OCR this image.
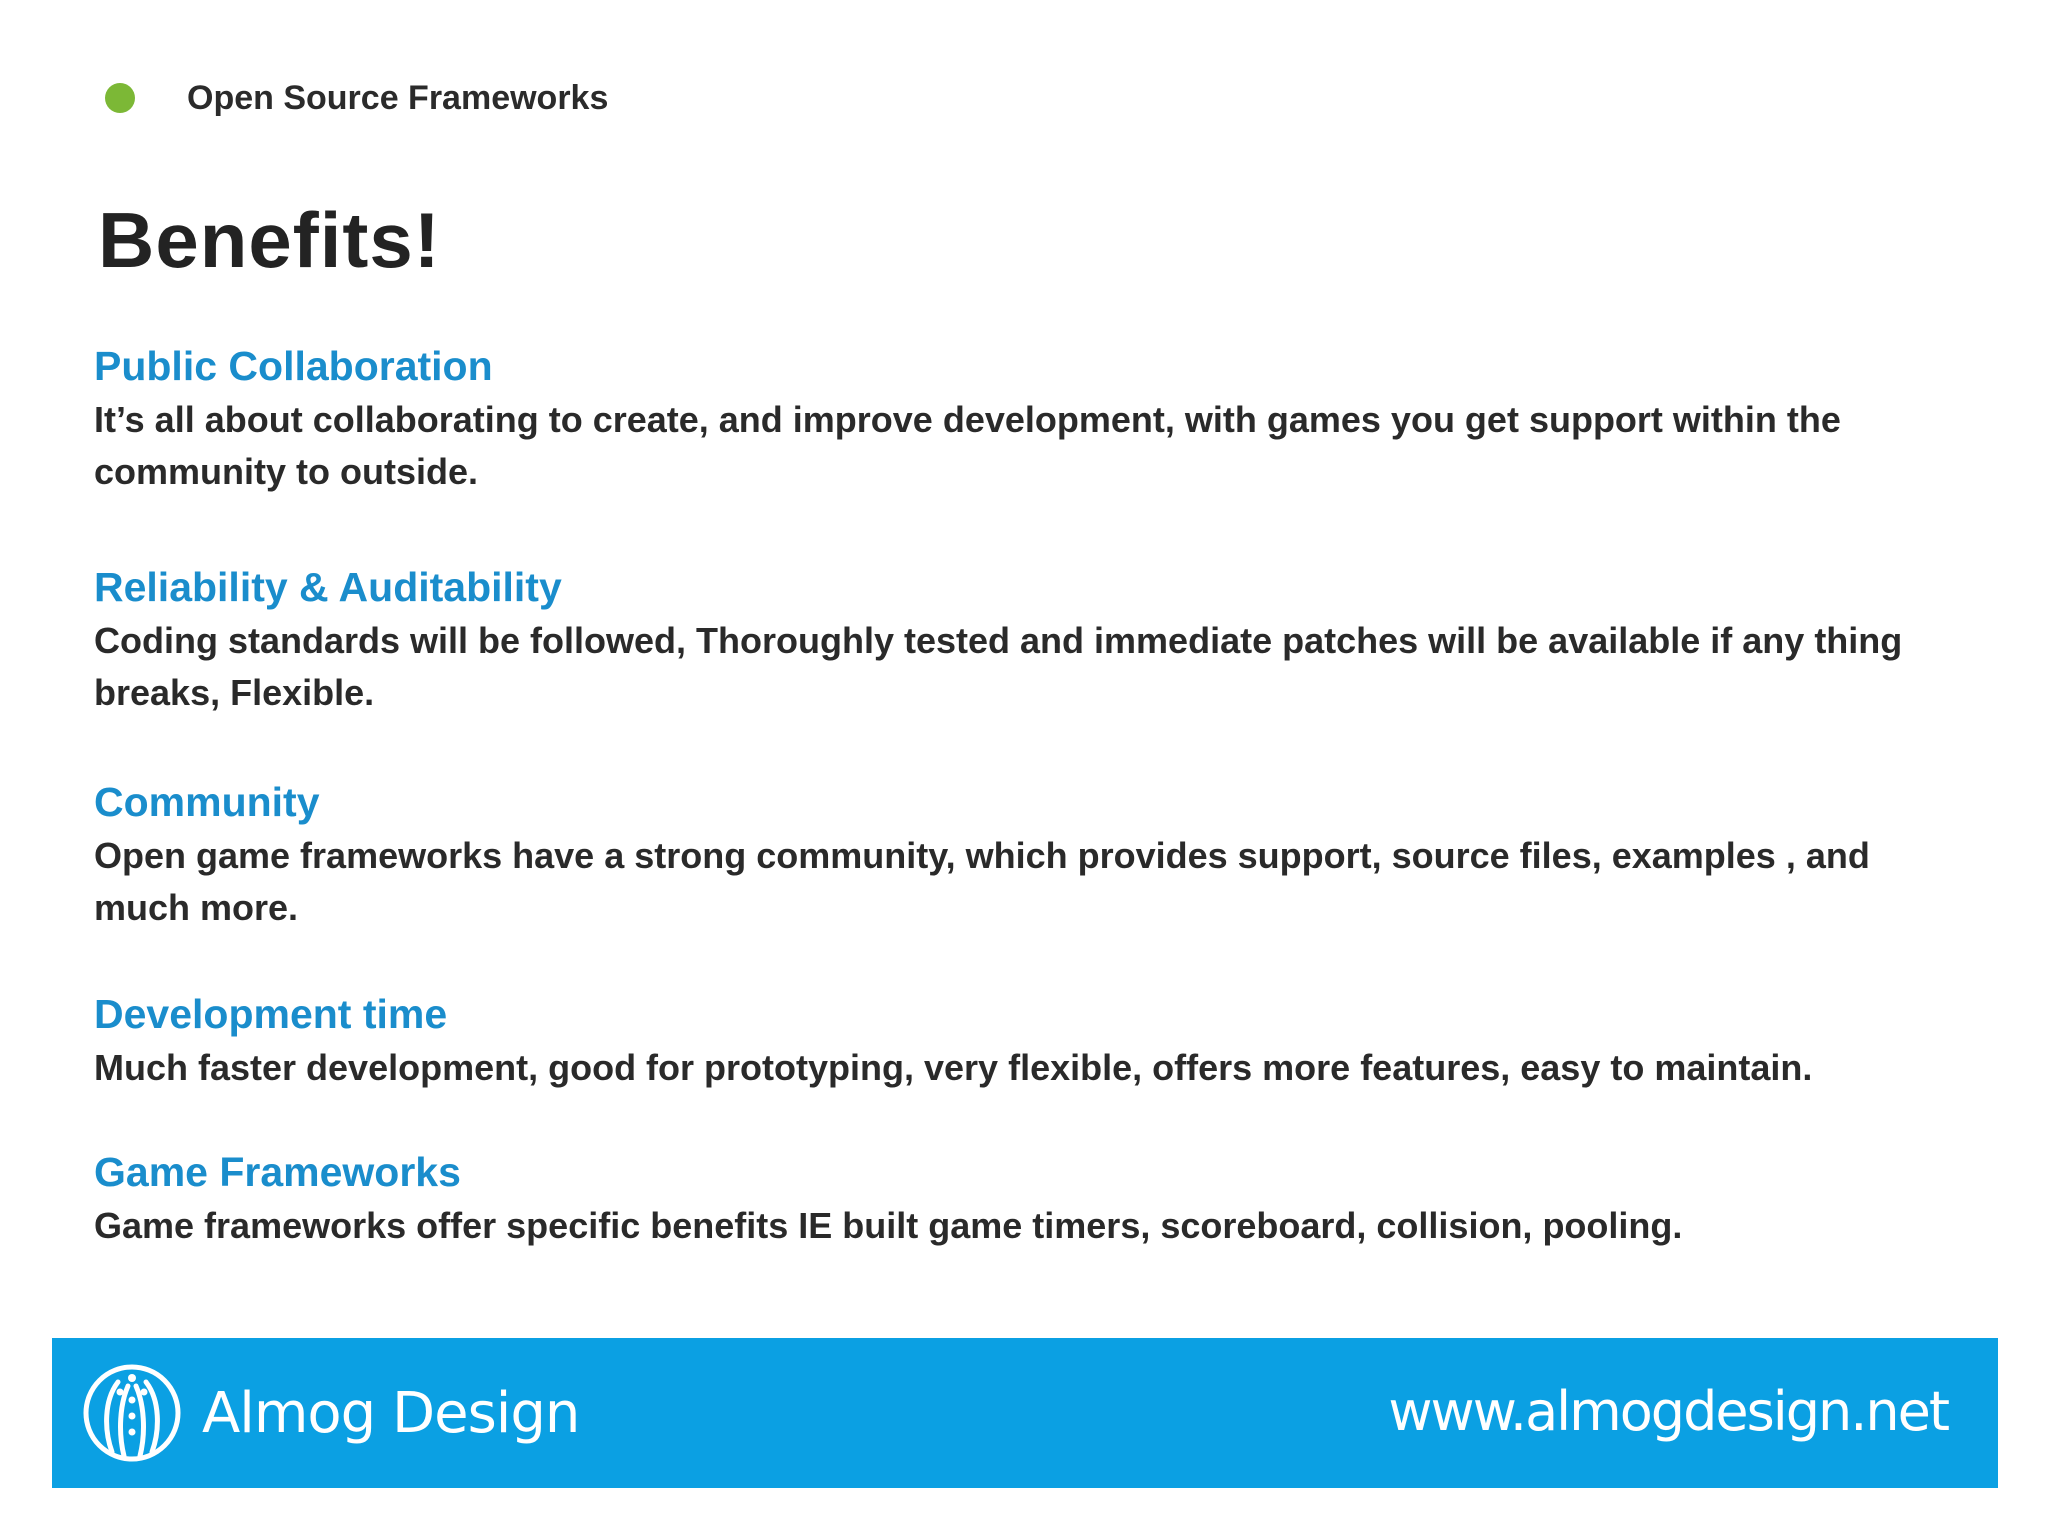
Open Source Frameworks
Benefits!

Public Collaboration

It’s all about collaborating to create, and improve development, with games you get support within the community to outside.

Reliability & Auditability

Coding standards will be followed, Thoroughly tested and immediate patches will be available if any thing breaks, Flexible.

Community

Open game frameworks have a strong community, which provides support, source files, examples , and much more.

Development time

Much faster development, good for prototyping, very flexible, offers more features, easy to maintain.

Game Frameworks

Game frameworks offer specific benefits IE built game timers, scoreboard, collision, pooling.

Almog Design	www.almogdesign.net
